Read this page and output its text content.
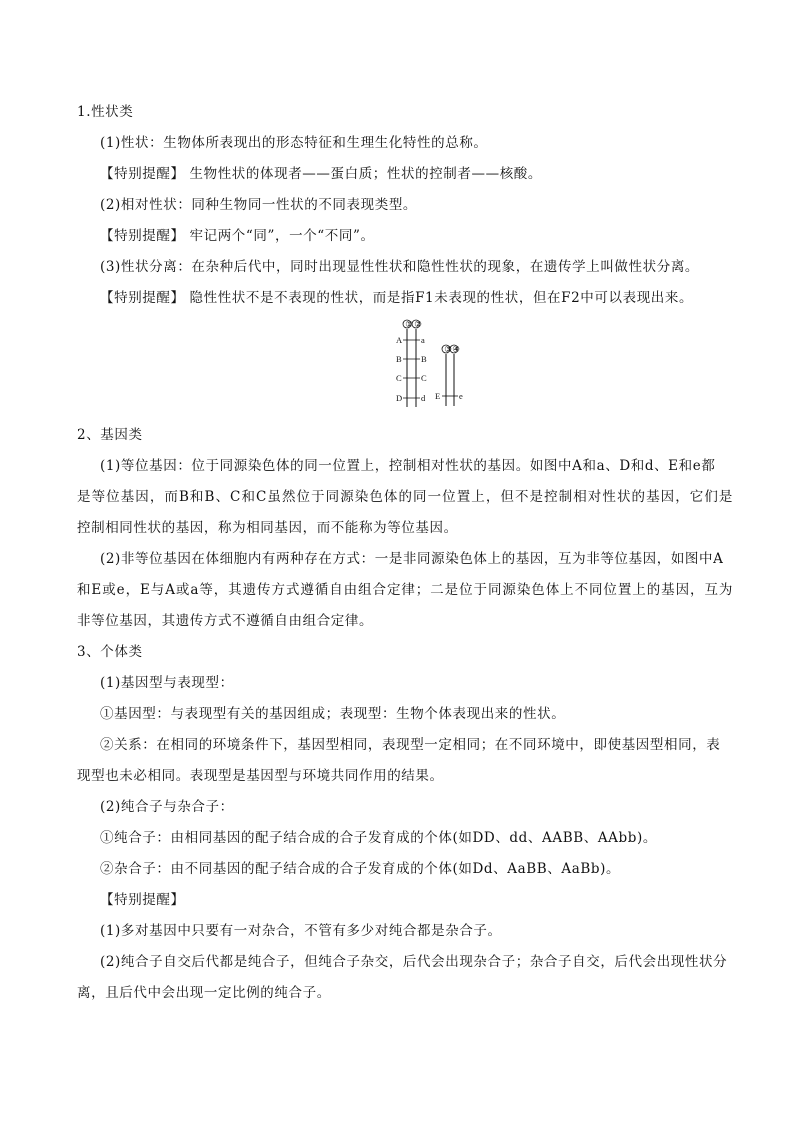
1.性状类
(1)性状：生物体所表现出的形态特征和生理生化特性的总称。
【特别提醒】 生物性状的体现者——蛋白质；性状的控制者——核酸。
(2)相对性状：同种生物同一性状的不同表现类型。
【特别提醒】 牢记两个“同”，一个“不同”。
(3)性状分离：在杂种后代中，同时出现显性性状和隐性性状的现象，在遗传学上叫做性状分离。
【特别提醒】 隐性性状不是不表现的性状，而是指F1未表现的性状，但在F2中可以表现出来。
① ②
A
B
C
D
a
B
C
d
③ ④
E e
2、基因类
(1)等位基因：位于同源染色体的同一位置上，控制相对性状的基因。如图中A和a、D和d、E和e都
是等位基因，而B和B、C和C虽然位于同源染色体的同一位置上，但不是控制相对性状的基因，它们是
控制相同性状的基因，称为相同基因，而不能称为等位基因。
(2)非等位基因在体细胞内有两种存在方式：一是非同源染色体上的基因，互为非等位基因，如图中A
和E或e，E与A或a等，其遗传方式遵循自由组合定律；二是位于同源染色体上不同位置上的基因，互为
非等位基因，其遗传方式不遵循自由组合定律。
3、个体类
(1)基因型与表现型：
①基因型：与表现型有关的基因组成；表现型：生物个体表现出来的性状。
②关系：在相同的环境条件下，基因型相同，表现型一定相同；在不同环境中，即使基因型相同，表
现型也未必相同。表现型是基因型与环境共同作用的结果。
(2)纯合子与杂合子：
①纯合子：由相同基因的配子结合成的合子发育成的个体(如DD、dd、AABB、AAbb)。
②杂合子：由不同基因的配子结合成的合子发育成的个体(如Dd、AaBB、AaBb)。
【特别提醒】
(1)多对基因中只要有一对杂合，不管有多少对纯合都是杂合子。
(2)纯合子自交后代都是纯合子，但纯合子杂交，后代会出现杂合子；杂合子自交，后代会出现性状分
离，且后代中会出现一定比例的纯合子。
